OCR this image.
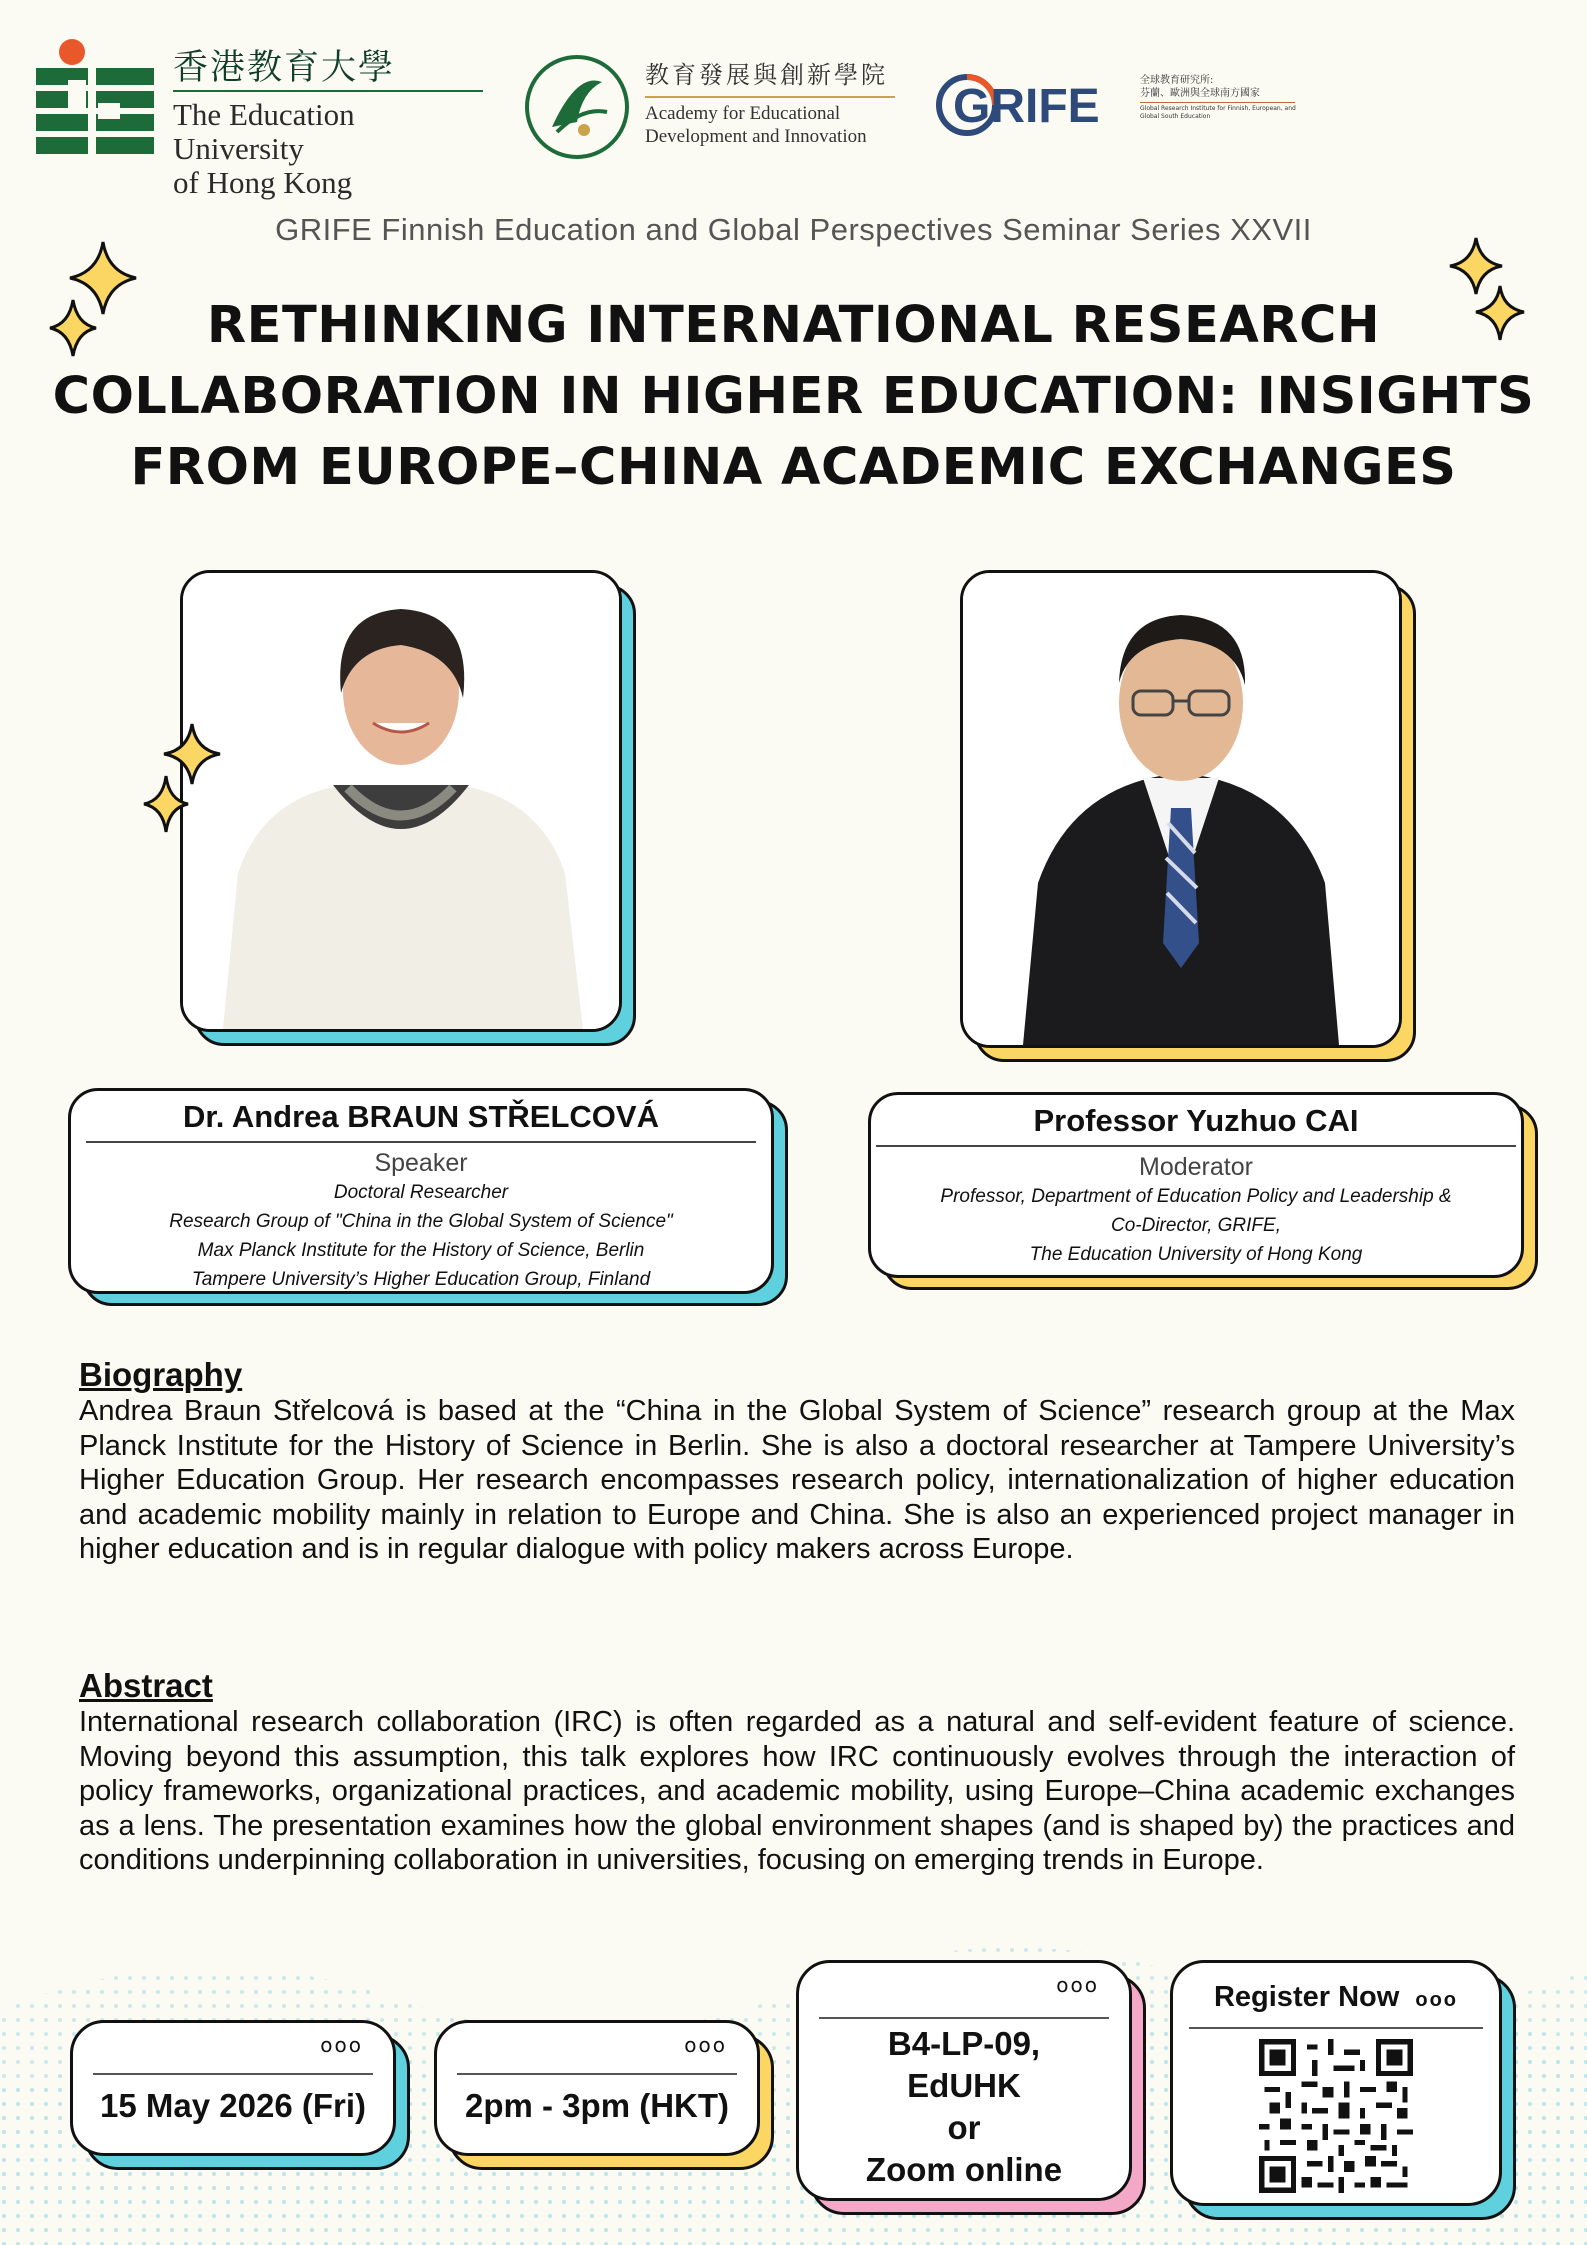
香港教育大學
The Education University
of Hong Kong
教育發展與創新學院
Academy for Educational
Development and Innovation
GRIFE	全球教育研究所:
芬蘭、歐洲與全球南方國家
Global Research Institute for Finnish, European, and Global South Education
GRIFE Finnish Education and Global Perspectives Seminar Series XXVII
RETHINKING INTERNATIONAL RESEARCH
COLLABORATION IN HIGHER EDUCATION: INSIGHTS
FROM EUROPE–CHINA ACADEMIC EXCHANGES
Dr. Andrea BRAUN STŘELCOVÁ
Speaker
Doctoral Researcher
Research Group of "China in the Global System of Science"
Max Planck Institute for the History of Science, Berlin
Tampere University’s Higher Education Group, Finland
Professor Yuzhuo CAI
Moderator
Professor, Department of Education Policy and Leadership &
Co-Director, GRIFE,
The Education University of Hong Kong
Biography

Andrea Braun Střelcová is based at the “China in the Global System of Science” research group at the Max Planck Institute for the History of Science in Berlin. She is also a doctoral researcher at Tampere University’s Higher Education Group. Her research encompasses research policy, internationalization of higher education and academic mobility mainly in relation to Europe and China. She is also an experienced project manager in higher education and is in regular dialogue with policy makers across Europe.

Abstract

International research collaboration (IRC) is often regarded as a natural and self-evident feature of science. Moving beyond this assumption, this talk explores how IRC continuously evolves through the interaction of policy frameworks, organizational practices, and academic mobility, using Europe–China academic exchanges as a lens. The presentation examines how the global environment shapes (and is shaped by) the practices and conditions underpinning collaboration in universities, focusing on emerging trends in Europe.

ooo
15 May 2026 (Fri)
ooo
2pm - 3pm (HKT)
ooo
B4-LP-09,
EdUHK
or
Zoom online
Register Now ooo
